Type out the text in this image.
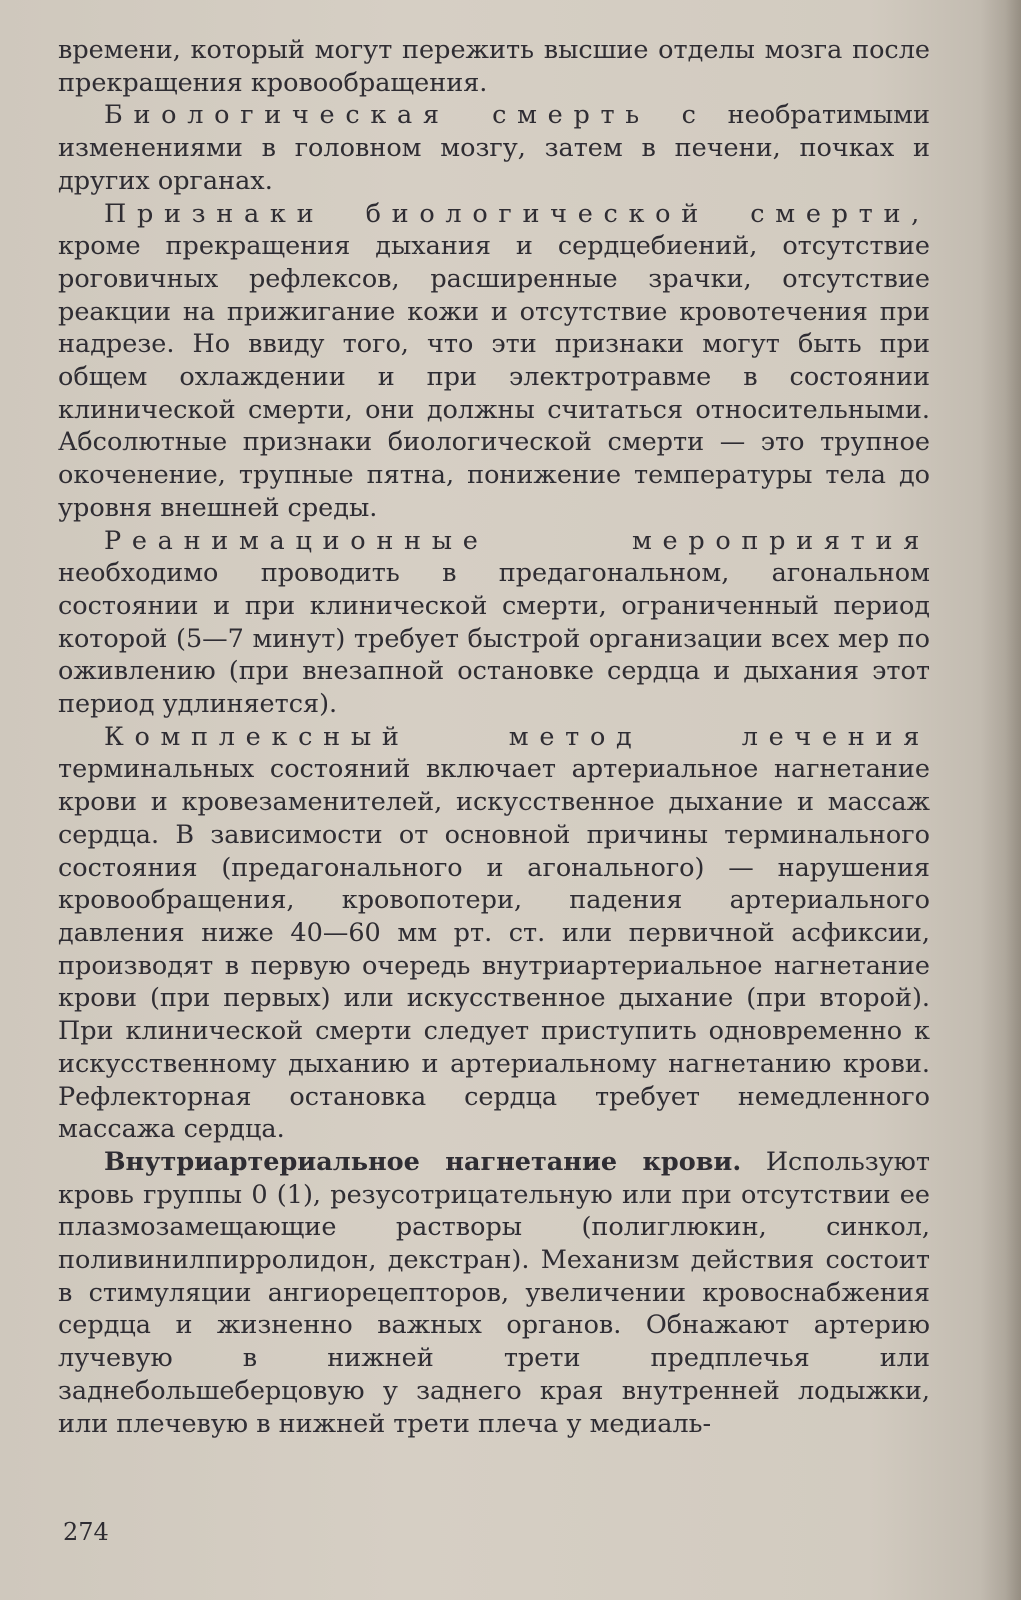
времени, который могут пережить высшие отделы мозга после прекращения кровообращения.

Биологическая смерть с необратимыми изменениями в головном мозгу, затем в печени, почках и других органах.

Признаки биологической смерти, кроме прекращения дыхания и сердцебиений, отсутствие роговичных рефлексов, расширенные зрачки, отсутствие реакции на прижигание кожи и отсутствие кровотечения при надрезе. Но ввиду того, что эти признаки могут быть при общем охлаждении и при электротравме в состоянии клинической смерти, они должны считаться относительными. Абсолютные признаки биологической смерти — это трупное окоченение, трупные пятна, понижение температуры тела до уровня внешней среды.

Реанимационные мероприятия необходимо проводить в предагональном, агональном состоянии и при клинической смерти, ограниченный период которой (5—7 минут) требует быстрой организации всех мер по оживлению (при внезапной остановке сердца и дыхания этот период удлиняется).

Комплексный метод лечения терминальных состояний включает артериальное нагнетание крови и кровезаменителей, искусственное дыхание и массаж сердца. В зависимости от основной причины терминального состояния (предагонального и агонального) — нарушения кровообращения, кровопотери, падения артериального давления ниже 40—60 мм рт. ст. или первичной асфиксии, производят в первую очередь внутриартериальное нагнетание крови (при первых) или искусственное дыхание (при второй). При клинической смерти следует приступить одновременно к искусственному дыханию и артериальному нагнетанию крови. Рефлекторная остановка сердца требует немедленного массажа сердца.

Внутриартериальное нагнетание крови. Используют кровь группы 0 (1), резусотрицательную или при отсутствии ее плазмозамещающие растворы (полиглюкин, синкол, поливинилпирролидон, декстран). Механизм действия состоит в стимуляции ангиорецепторов, увеличении кровоснабжения сердца и жизненно важных органов. Обнажают артерию лучевую в нижней трети предплечья или заднебольшеберцовую у заднего края внутренней лодыжки, или плечевую в нижней трети плеча у медиаль-

274
